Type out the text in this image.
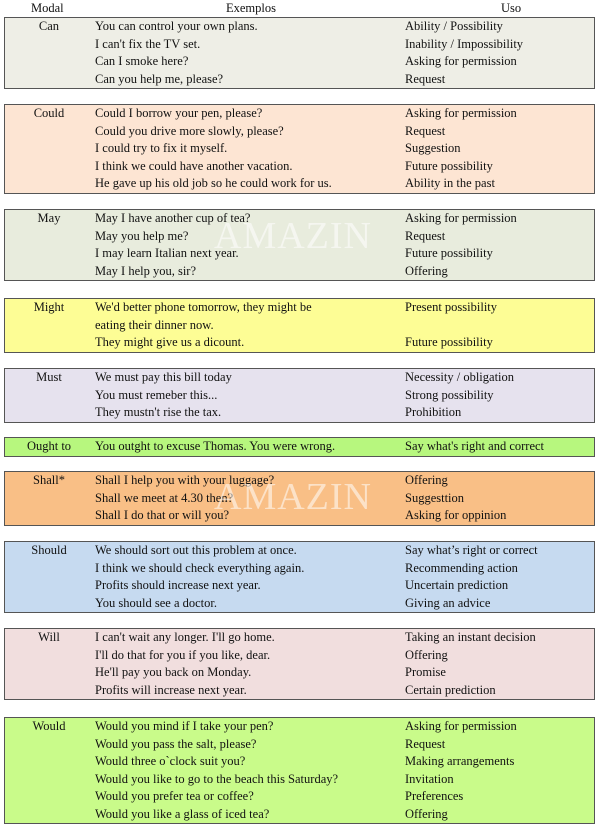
Modal	Exemplos	Uso
Can	You can control your own plans.	Ability / Possibility
I can't fix the TV set.	Inability / Impossibility
Can I smoke here?	Asking for permission
Can you help me, please?	Request
Could	Could I borrow your pen, please?	Asking for permission
Could you drive more slowly, please?	Request
I could try to fix it myself.	Suggestion
I think we could have another vacation.	Future possibility
He gave up his old job so he could work for us.	Ability in the past
May	May I have another cup of tea?	Asking for permission
May you help me?	Request
I may learn Italian next year.	Future possibility
May I help you, sir?	Offering
Might	We'd better phone tomorrow, they might be	Present possibility
eating their dinner now.
They might give us a dicount.	Future possibility
Must	We must pay this bill today	Necessity / obligation
You must remeber this...	Strong possibility
They mustn't rise the tax.	Prohibition
Ought to	You outght to excuse Thomas. You were wrong.	Say what's right and correct
Shall*	Shall I help you with your luggage?	Offering
Shall we meet at 4.30 then?	Suggesttion
Shall I do that or will you?	Asking for oppinion
Should	We should sort out this problem at once.	Say what’s right or correct
I think we should check everything again.	Recommending action
Profits should increase next year.	Uncertain prediction
You should see a doctor.	Giving an advice
Will	I can't wait any longer. I'll go home.	Taking an instant decision
I'll do that for you if you like, dear.	Offering
He'll pay you back on Monday.	Promise
Profits will increase next year.	Certain prediction
Would	Would you mind if I take your pen?	Asking for permission
Would you pass the salt, please?	Request
Would three o`clock suit you?	Making arrangements
Would you like to go to the beach this Saturday?	Invitation
Would you prefer tea or coffee?	Preferences
Would you like a glass of iced tea?	Offering
AMAZIN
AMAZIN
